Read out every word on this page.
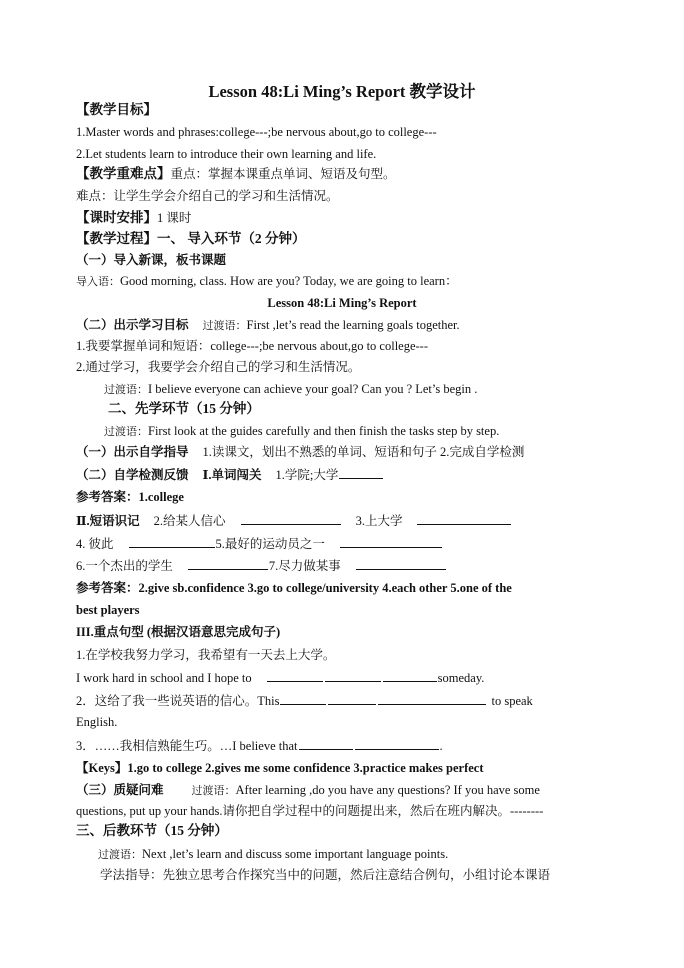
Lesson 48:Li Ming’s Report 教学设计
【教学目标】
1.Master words and phrases:college---;be nervous about,go to college---
2.Let students learn to introduce their own learning and life.
【教学重难点】重点：掌握本课重点单词、短语及句型。
难点：让学生学会介绍自己的学习和生活情况。
【课时安排】1 课时
【教学过程】一、 导入环节（2 分钟）
（一）导入新课，板书课题
导入语：Good morning, class. How are you? Today, we are going to learn：
Lesson 48:Li Ming’s Report
（二）出示学习目标 过渡语：First ,let’s read the learning goals together.
1.我要掌握单词和短语：college---;be nervous about,go to college---
2.通过学习，我要学会介绍自己的学习和生活情况。
过渡语：I believe everyone can achieve your goal? Can you ? Let’s begin .
二、先学环节（15 分钟）
过渡语：First look at the guides carefully and then finish the tasks step by step.
（一）出示自学指导 1.读课文，划出不熟悉的单词、短语和句子 2.完成自学检测
（二）自学检测反馈 Ⅰ.单词闯关 1.学院;大学
参考答案：1.college
Ⅱ.短语识记 2.给某人信心	3.上大学
4. 彼此	5.最好的运动员之一
6.一个杰出的学生	7.尽力做某事
参考答案：2.give sb.confidence 3.go to college/university 4.each other 5.one of the
best players
III.重点句型 (根据汉语意思完成句子)
1.在学校我努力学习，我希望有一天去上大学。
I work hard in school and I hope to	someday.
2．这给了我一些说英语的信心。This	to speak
English.
3．……我相信熟能生巧。…I believe that	.
【Keys】1.go to college 2.gives me some confidence 3.practice makes perfect
（三）质疑问难	过渡语：After learning ,do you have any questions? If you have some
questions, put up your hands.请你把自学过程中的问题提出来，然后在班内解决。--------
三、后教环节（15 分钟）
过渡语：Next ,let’s learn and discuss some important language points.
学法指导：先独立思考合作探究当中的问题，然后注意结合例句，小组讨论本课语
